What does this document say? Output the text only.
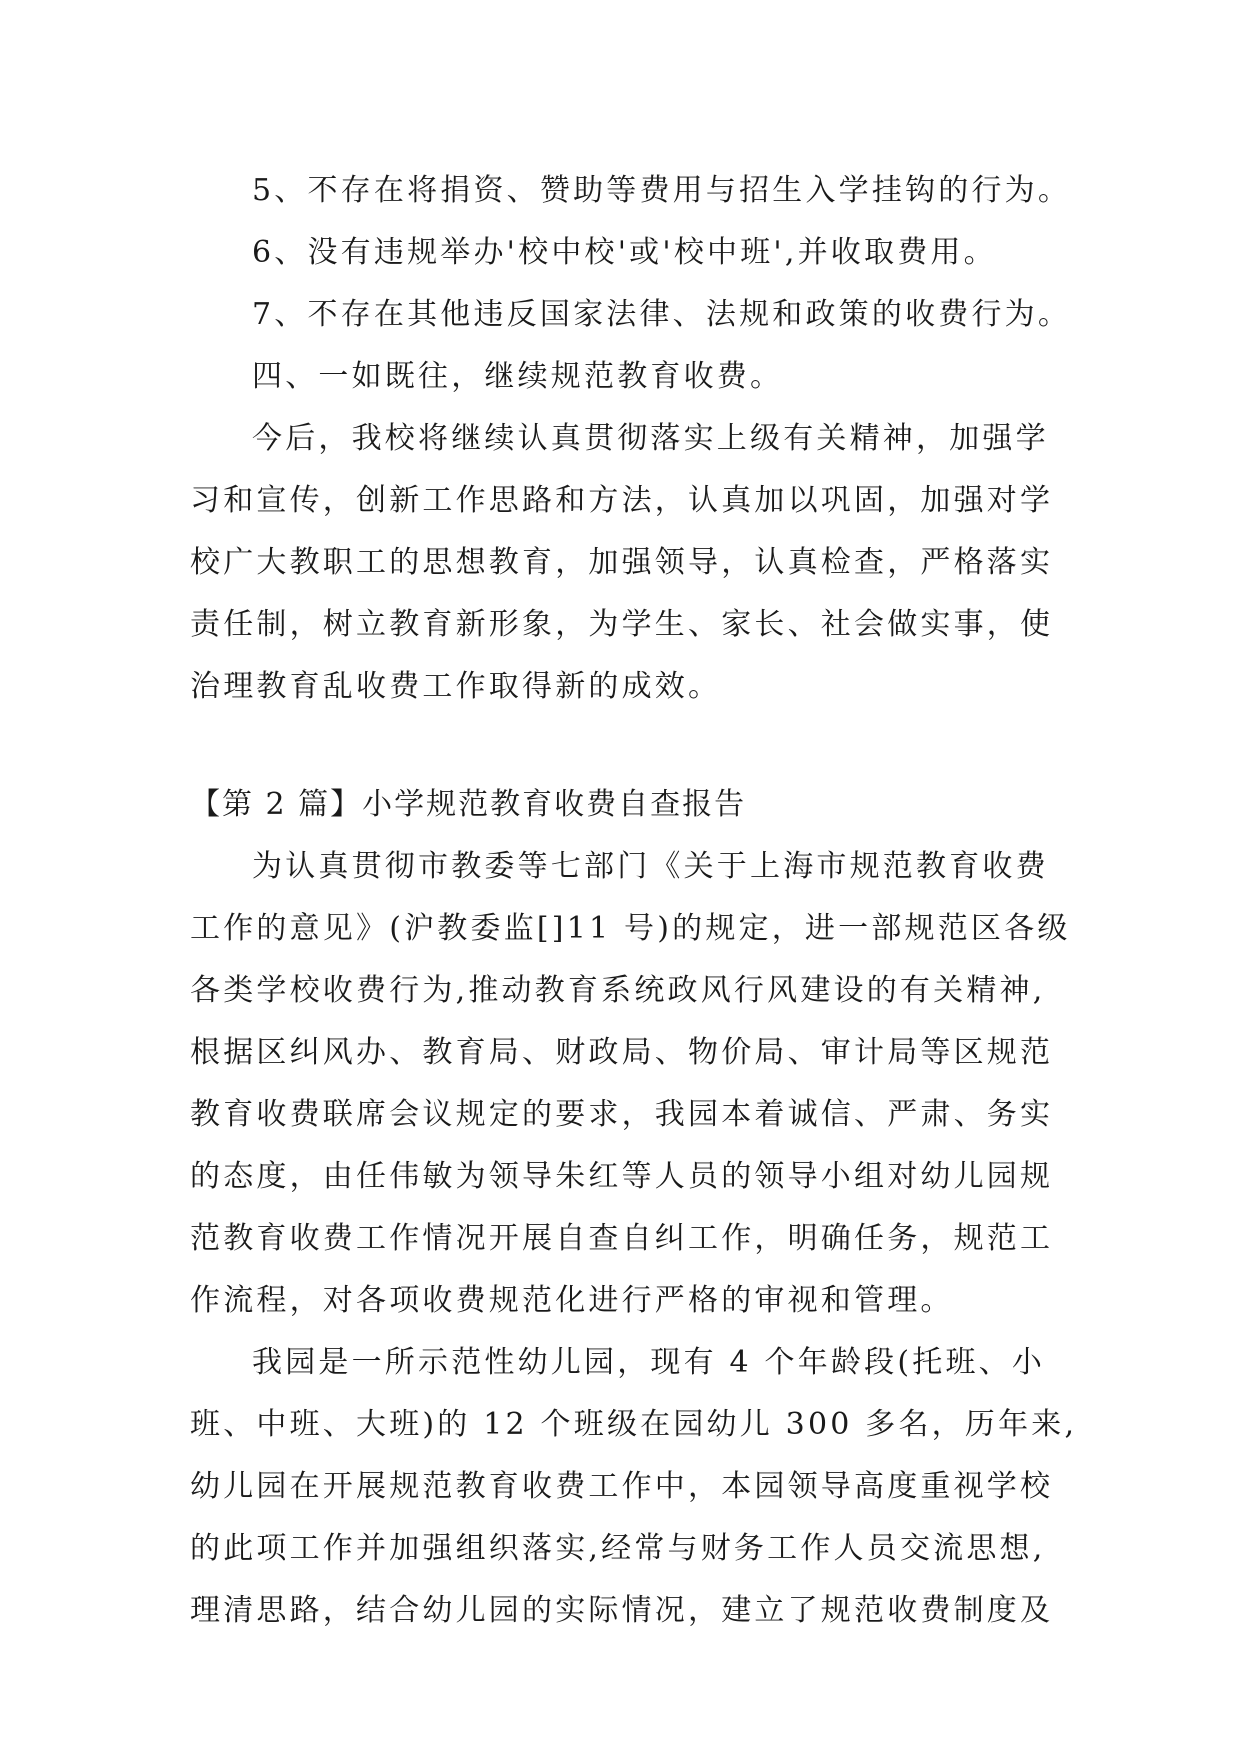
5、不存在将捐资、赞助等费用与招生入学挂钩的行为。
6、没有违规举办'校中校'或'校中班',并收取费用。
7、不存在其他违反国家法律、法规和政策的收费行为。
四、一如既往，继续规范教育收费。
今后，我校将继续认真贯彻落实上级有关精神，加强学
习和宣传，创新工作思路和方法，认真加以巩固，加强对学
校广大教职工的思想教育，加强领导，认真检查，严格落实
责任制，树立教育新形象，为学生、家长、社会做实事，使
治理教育乱收费工作取得新的成效。
【第 2 篇】小学规范教育收费自查报告
为认真贯彻市教委等七部门《关于上海市规范教育收费
工作的意见》(沪教委监[]11 号)的规定，进一部规范区各级
各类学校收费行为,推动教育系统政风行风建设的有关精神,
根据区纠风办、教育局、财政局、物价局、审计局等区规范
教育收费联席会议规定的要求，我园本着诚信、严肃、务实
的态度，由任伟敏为领导朱红等人员的领导小组对幼儿园规
范教育收费工作情况开展自查自纠工作，明确任务，规范工
作流程，对各项收费规范化进行严格的审视和管理。
我园是一所示范性幼儿园，现有 4 个年龄段(托班、小
班、中班、大班)的 12 个班级在园幼儿 300 多名，历年来,
幼儿园在开展规范教育收费工作中，本园领导高度重视学校
的此项工作并加强组织落实,经常与财务工作人员交流思想,
理清思路，结合幼儿园的实际情况，建立了规范收费制度及
